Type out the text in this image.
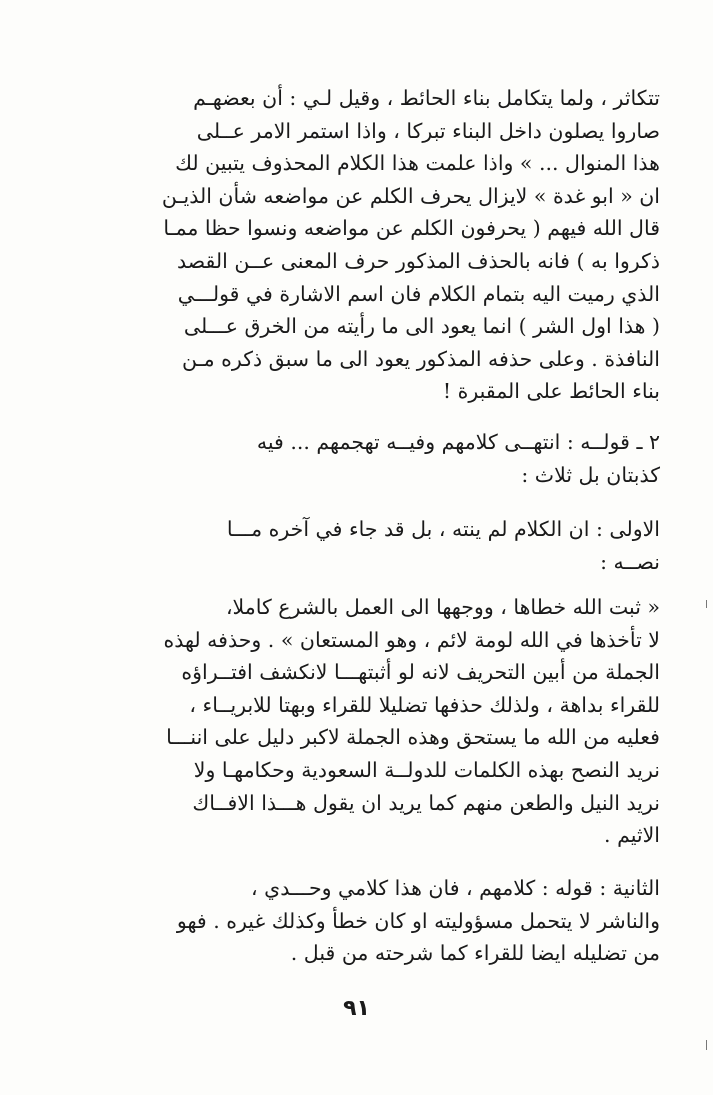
تتكاثر ، ولما يتكامل بناء الحائط ، وقيل لـي : أن بعضهـم
صاروا يصلون داخل البناء تبركا ، واذا استمر الامر عــلى
هذا المنوال ... » واذا علمت هذا الكلام المحذوف يتبين لك
ان « ابو غدة » لايزال يحرف الكلم عن مواضعه شأن الذيـن
قال الله فيهم ( يحرفون الكلم عن مواضعه ونسوا حظا ممـا
ذكروا به ) فانه بالحذف المذكور حرف المعنى عــن القصد
الذي رميت اليه بتمام الكلام فان اسم الاشارة في قولـــي
( هذا اول الشر ) انما يعود الى ما رأيته من الخرق عـــلى
النافذة . وعلى حذفه المذكور يعود الى ما سبق ذكره مـن
بناء الحائط على المقبرة !
٢ ـ قولــه : انتهــى كلامهم وفيــه تهجمهم ... فيه
كذبتان بل ثلاث :
الاولى : ان الكلام لم ينته ، بل قد جاء في آخره مـــا
نصــه :
« ثبت الله خطاها ، ووجهها الى العمل بالشرع كاملا،
لا تأخذها في الله لومة لائم ، وهو المستعان » . وحذفه لهذه
الجملة من أبين التحريف لانه لو أثبتهـــا لانكشف افتــراؤه
للقراء بداهة ، ولذلك حذفها تضليلا للقراء وبهتا للابريــاء ،
فعليه من الله ما يستحق وهذه الجملة لاكبر دليل على اننـــا
نريد النصح بهذه الكلمات للدولــة السعودية وحكامهـا ولا
نريد النيل والطعن منهم كما يريد ان يقول هـــذا الافــاك
الاثيم .
الثانية : قوله : كلامهم ، فان هذا كلامي وحـــدي ،
والناشر لا يتحمل مسؤوليته او كان خطأ وكذلك غيره . فهو
من تضليله ايضا للقراء كما شرحته من قبل .
٩١
